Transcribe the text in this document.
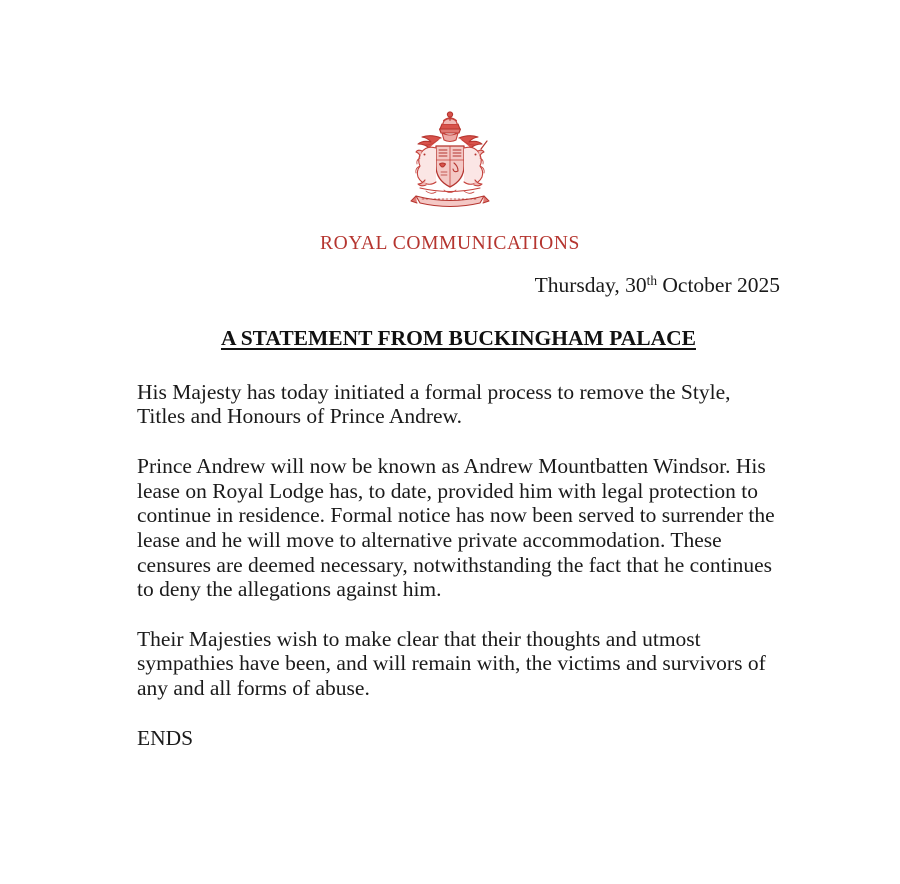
ROYAL COMMUNICATIONS
Thursday, 30th October 2025
A STATEMENT FROM BUCKINGHAM PALACE

His Majesty has today initiated a formal process to remove the Style, Titles and Honours of Prince Andrew.

Prince Andrew will now be known as Andrew Mountbatten Windsor. His lease on Royal Lodge has, to date, provided him with legal protection to continue in residence. Formal notice has now been served to surrender the lease and he will move to alternative private accommodation. These censures are deemed necessary, notwithstanding the fact that he continues to deny the allegations against him.

Their Majesties wish to make clear that their thoughts and utmost sympathies have been, and will remain with, the victims and survivors of any and all forms of abuse.

ENDS
